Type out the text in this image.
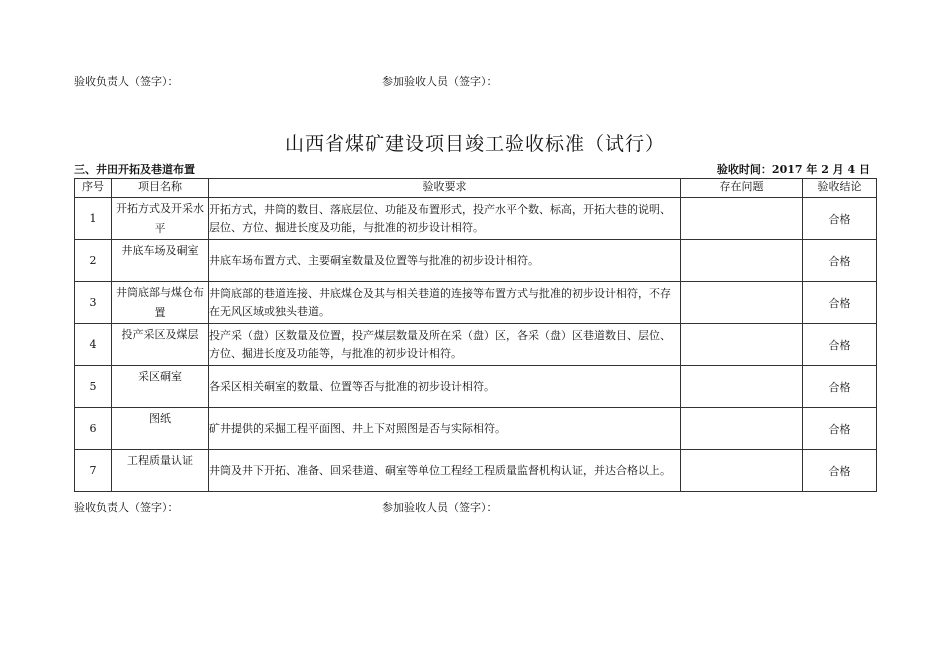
验收负责人（签字）：	参加验收人员（签字）：
山西省煤矿建设项目竣工验收标准（试行）
三、井田开拓及巷道布置	验收时间：2017 年 2 月 4 日
序号	项目名称	验收要求	存在问题	验收结论
1	开拓方式及开采水平	开拓方式，井筒的数目、落底层位、功能及布置形式，投产水平个数、标高，开拓大巷的说明、层位、方位、掘进长度及功能，与批准的初步设计相符。		合格
2	井底车场及硐室	井底车场布置方式、主要硐室数量及位置等与批准的初步设计相符。		合格
3	井筒底部与煤仓布置	井筒底部的巷道连接、井底煤仓及其与相关巷道的连接等布置方式与批准的初步设计相符，不存在无风区域或独头巷道。		合格
4	投产采区及煤层	投产采（盘）区数量及位置，投产煤层数量及所在采（盘）区，各采（盘）区巷道数目、层位、方位、掘进长度及功能等，与批准的初步设计相符。		合格
5	采区硐室	各采区相关硐室的数量、位置等否与批准的初步设计相符。		合格
6	图纸	矿井提供的采掘工程平面图、井上下对照图是否与实际相符。		合格
7	工程质量认证	井筒及井下开拓、准备、回采巷道、硐室等单位工程经工程质量监督机构认证，并达合格以上。		合格
验收负责人（签字）：	参加验收人员（签字）：
